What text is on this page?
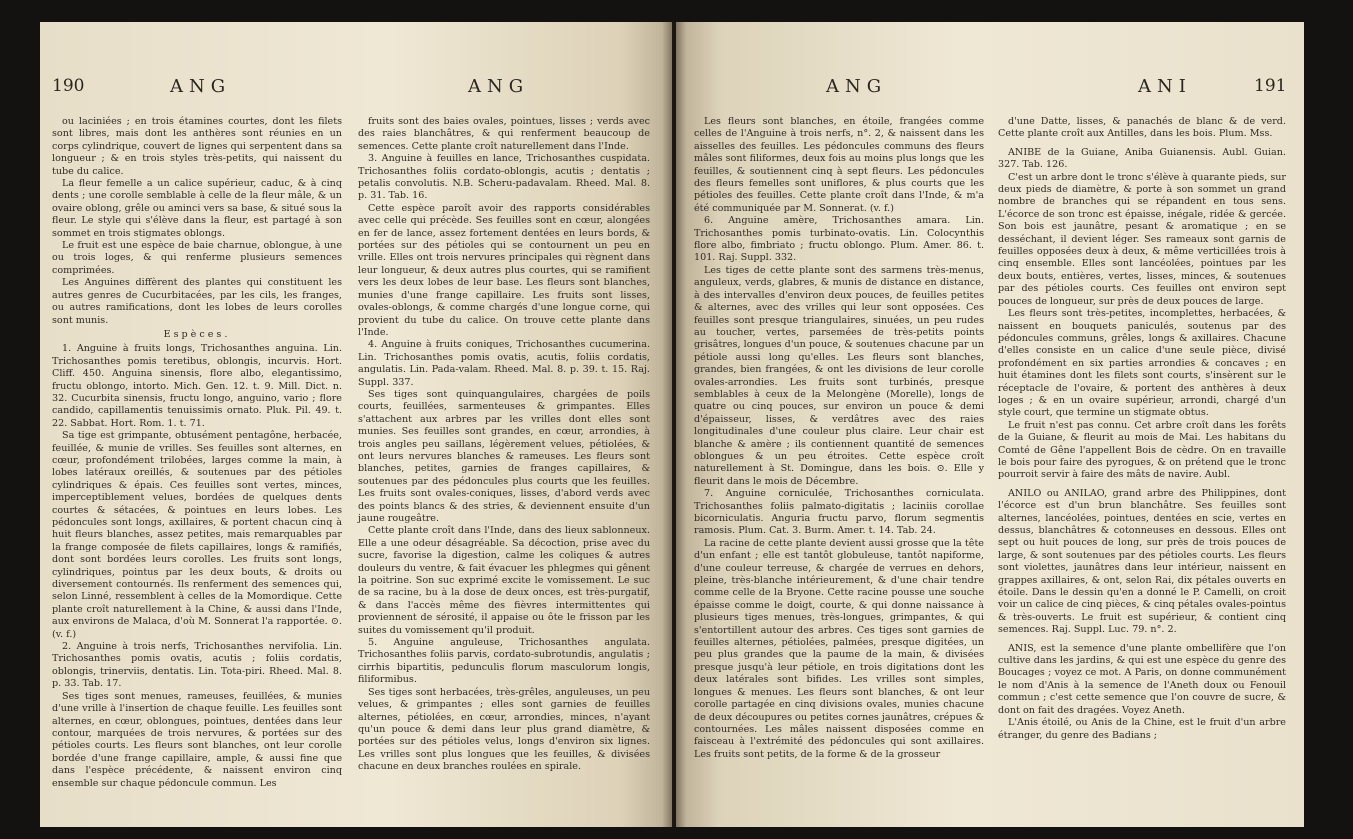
190	ANG	ANG

ou laciniées ; en trois étamines courtes, dont les filets sont libres, mais dont les anthères sont réunies en un corps cylindrique, couvert de lignes qui serpentent dans sa longueur ; & en trois styles très-petits, qui naissent du tube du calice.

La fleur femelle a un calice supérieur, caduc, & à cinq dents ; une corolle semblable à celle de la fleur mâle, & un ovaire oblong, grêle ou aminci vers sa base, & situé sous la fleur. Le style qui s'élève dans la fleur, est partagé à son sommet en trois stigmates oblongs.

Le fruit est une espèce de baie charnue, oblongue, à une ou trois loges, & qui renferme plusieurs semences comprimées.

Les Anguines diffèrent des plantes qui constituent les autres genres de Cucurbitacées, par les cils, les franges, ou autres ramifications, dont les lobes de leurs corolles sont munis.

Espèces.

1. Anguine à fruits longs, Trichosanthes anguina. Lin. Trichosanthes pomis teretibus, oblongis, incurvis. Hort. Cliff. 450. Anguina sinensis, flore albo, elegantissimo, fructu oblongo, intorto. Mich. Gen. 12. t. 9. Mill. Dict. n. 32. Cucurbita sinensis, fructu longo, anguino, vario ; flore candido, capillamentis tenuissimis ornato. Pluk. Pil. 49. t. 22. Sabbat. Hort. Rom. 1. t. 71.

Sa tige est grimpante, obtusément pentagône, herbacée, feuillée, & munie de vrilles. Ses feuilles sont alternes, en cœur, profondément trilobées, larges comme la main, à lobes latéraux oreillés, & soutenues par des pétioles cylindriques & épais. Ces feuilles sont vertes, minces, imperceptiblement velues, bordées de quelques dents courtes & sétacées, & pointues en leurs lobes. Les pédoncules sont longs, axillaires, & portent chacun cinq à huit fleurs blanches, assez petites, mais remarquables par la frange composée de filets capillaires, longs & ramifiés, dont sont bordées leurs corolles. Les fruits sont longs, cylindriques, pointus par les deux bouts, & droits ou diversement contournés. Ils renferment des semences qui, selon Linné, ressemblent à celles de la Momordique. Cette plante croît naturellement à la Chine, & aussi dans l'Inde, aux environs de Malaca, d'où M. Sonnerat l'a rapportée. ⊙. (v. f.)

2. Anguine à trois nerfs, Trichosanthes nervifolia. Lin. Trichosanthes pomis ovatis, acutis ; foliis cordatis, oblongis, trinerviis, dentatis. Lin. Tota-piri. Rheed. Mal. 8. p. 33. Tab. 17.

Ses tiges sont menues, rameuses, feuillées, & munies d'une vrille à l'insertion de chaque feuille. Les feuilles sont alternes, en cœur, oblongues, pointues, dentées dans leur contour, marquées de trois nervures, & portées sur des pétioles courts. Les fleurs sont blanches, ont leur corolle bordée d'une frange capillaire, ample, & aussi fine que dans l'espèce précédente, & naissent environ cinq ensemble sur chaque pédoncule commun. Les

fruits sont des baies ovales, pointues, lisses ; verds avec des raies blanchâtres, & qui renferment beaucoup de semences. Cette plante croît naturellement dans l'Inde.

3. Anguine à feuilles en lance, Trichosanthes cuspidata. Trichosanthes foliis cordato-oblongis, acutis ; dentatis ; petalis convolutis. N.B. Scheru-padavalam. Rheed. Mal. 8. p. 31. Tab. 16.

Cette espèce paroît avoir des rapports considérables avec celle qui précède. Ses feuilles sont en cœur, alongées en fer de lance, assez fortement dentées en leurs bords, & portées sur des pétioles qui se contournent un peu en vrille. Elles ont trois nervures principales qui règnent dans leur longueur, & deux autres plus courtes, qui se ramifient vers les deux lobes de leur base. Les fleurs sont blanches, munies d'une frange capillaire. Les fruits sont lisses, ovales-oblongs, & comme chargés d'une longue corne, qui provient du tube du calice. On trouve cette plante dans l'Inde.

4. Anguine à fruits coniques, Trichosanthes cucumerina. Lin. Trichosanthes pomis ovatis, acutis, foliis cordatis, angulatis. Lin. Pada-valam. Rheed. Mal. 8. p. 39. t. 15. Raj. Suppl. 337.

Ses tiges sont quinquangulaires, chargées de poils courts, feuillées, sarmenteuses & grimpantes. Elles s'attachent aux arbres par les vrilles dont elles sont munies. Ses feuilles sont grandes, en cœur, arrondies, à trois angles peu saillans, légèrement velues, pétiolées, & ont leurs nervures blanches & rameuses. Les fleurs sont blanches, petites, garnies de franges capillaires, & soutenues par des pédoncules plus courts que les feuilles. Les fruits sont ovales-coniques, lisses, d'abord verds avec des points blancs & des stries, & deviennent ensuite d'un jaune rougeâtre.

Cette plante croît dans l'Inde, dans des lieux sablonneux. Elle a une odeur désagréable. Sa décoction, prise avec du sucre, favorise la digestion, calme les coliques & autres douleurs du ventre, & fait évacuer les phlegmes qui gênent la poitrine. Son suc exprimé excite le vomissement. Le suc de sa racine, bu à la dose de deux onces, est très-purgatif, & dans l'accès même des fièvres intermittentes qui proviennent de sérosité, il appaise ou ôte le frisson par les suites du vomissement qu'il produit.

5. Anguine anguleuse, Trichosanthes angulata. Trichosanthes foliis parvis, cordato-subrotundis, angulatis ; cirrhis bipartitis, pedunculis florum masculorum longis, filiformibus.

Ses tiges sont herbacées, très-grêles, anguleuses, un peu velues, & grimpantes ; elles sont garnies de feuilles alternes, pétiolées, en cœur, arrondies, minces, n'ayant qu'un pouce & demi dans leur plus grand diamètre, & portées sur des pétioles velus, longs d'environ six lignes. Les vrilles sont plus longues que les feuilles, & divisées chacune en deux branches roulées en spirale.

ANG	ANI	191

Les fleurs sont blanches, en étoile, frangées comme celles de l'Anguine à trois nerfs, n°. 2, & naissent dans les aisselles des feuilles. Les pédoncules communs des fleurs mâles sont filiformes, deux fois au moins plus longs que les feuilles, & soutiennent cinq à sept fleurs. Les pédoncules des fleurs femelles sont uniflores, & plus courts que les pétioles des feuilles. Cette plante croît dans l'Inde, & m'a été communiquée par M. Sonnerat. (v. f.)

6. Anguine amère, Trichosanthes amara. Lin. Trichosanthes pomis turbinato-ovatis. Lin. Colocynthis flore albo, fimbriato ; fructu oblongo. Plum. Amer. 86. t. 101. Raj. Suppl. 332.

Les tiges de cette plante sont des sarmens très-menus, anguleux, verds, glabres, & munis de distance en distance, à des intervalles d'environ deux pouces, de feuilles petites & alternes, avec des vrilles qui leur sont opposées. Ces feuilles sont presque triangulaires, sinuées, un peu rudes au toucher, vertes, parsemées de très-petits points grisâtres, longues d'un pouce, & soutenues chacune par un pétiole aussi long qu'elles. Les fleurs sont blanches, grandes, bien frangées, & ont les divisions de leur corolle ovales-arrondies. Les fruits sont turbinés, presque semblables à ceux de la Melongène (Morelle), longs de quatre ou cinq pouces, sur environ un pouce & demi d'épaisseur, lisses, & verdâtres avec des raies longitudinales d'une couleur plus claire. Leur chair est blanche & amère ; ils contiennent quantité de semences oblongues & un peu étroites. Cette espèce croît naturellement à St. Domingue, dans les bois. ⊙. Elle y fleurit dans le mois de Décembre.

7. Anguine corniculée, Trichosanthes corniculata. Trichosanthes foliis palmato-digitatis ; laciniis corollae bicorniculatis. Anguria fructu parvo, florum segmentis ramosis. Plum. Cat. 3. Burm. Amer. t. 14. Tab. 24.

La racine de cette plante devient aussi grosse que la tête d'un enfant ; elle est tantôt globuleuse, tantôt napiforme, d'une couleur terreuse, & chargée de verrues en dehors, pleine, très-blanche intérieurement, & d'une chair tendre comme celle de la Bryone. Cette racine pousse une souche épaisse comme le doigt, courte, & qui donne naissance à plusieurs tiges menues, très-longues, grimpantes, & qui s'entortillent autour des arbres. Ces tiges sont garnies de feuilles alternes, pétiolées, palmées, presque digitées, un peu plus grandes que la paume de la main, & divisées presque jusqu'à leur pétiole, en trois digitations dont les deux latérales sont bifides. Les vrilles sont simples, longues & menues. Les fleurs sont blanches, & ont leur corolle partagée en cinq divisions ovales, munies chacune de deux découpures ou petites cornes jaunâtres, crépues & contournées. Les mâles naissent disposées comme en faisceau à l'extrémité des pédoncules qui sont axillaires. Les fruits sont petits, de la forme & de la grosseur

d'une Datte, lisses, & panachés de blanc & de verd. Cette plante croît aux Antilles, dans les bois. Plum. Mss.

ANIBE de la Guiane, Aniba Guianensis. Aubl. Guian. 327. Tab. 126.

C'est un arbre dont le tronc s'élève à quarante pieds, sur deux pieds de diamètre, & porte à son sommet un grand nombre de branches qui se répandent en tous sens. L'écorce de son tronc est épaisse, inégale, ridée & gercée. Son bois est jaunâtre, pesant & aromatique ; en se desséchant, il devient léger. Ses rameaux sont garnis de feuilles opposées deux à deux, & même verticillées trois à cinq ensemble. Elles sont lancéolées, pointues par les deux bouts, entières, vertes, lisses, minces, & soutenues par des pétioles courts. Ces feuilles ont environ sept pouces de longueur, sur près de deux pouces de large.

Les fleurs sont très-petites, incomplettes, herbacées, & naissent en bouquets paniculés, soutenus par des pédoncules communs, grêles, longs & axillaires. Chacune d'elles consiste en un calice d'une seule pièce, divisé profondément en six parties arrondies & concaves ; en huit étamines dont les filets sont courts, s'insèrent sur le réceptacle de l'ovaire, & portent des anthères à deux loges ; & en un ovaire supérieur, arrondi, chargé d'un style court, que termine un stigmate obtus.

Le fruit n'est pas connu. Cet arbre croît dans les forêts de la Guiane, & fleurit au mois de Mai. Les habitans du Comté de Gêne l'appellent Bois de cèdre. On en travaille le bois pour faire des pyrogues, & on prétend que le tronc pourroit servir à faire des mâts de navire. Aubl.

ANILO ou ANILAO, grand arbre des Philippines, dont l'écorce est d'un brun blanchâtre. Ses feuilles sont alternes, lancéolées, pointues, dentées en scie, vertes en dessus, blanchâtres & cotonneuses en dessous. Elles ont sept ou huit pouces de long, sur près de trois pouces de large, & sont soutenues par des pétioles courts. Les fleurs sont violettes, jaunâtres dans leur intérieur, naissent en grappes axillaires, & ont, selon Rai, dix pétales ouverts en étoile. Dans le dessin qu'en a donné le P. Camelli, on croit voir un calice de cinq pièces, & cinq pétales ovales-pointus & très-ouverts. Le fruit est supérieur, & contient cinq semences. Raj. Suppl. Luc. 79. n°. 2.

ANIS, est la semence d'une plante ombellifère que l'on cultive dans les jardins, & qui est une espèce du genre des Boucages ; voyez ce mot. A Paris, on donne communément le nom d'Anis à la semence de l'Aneth doux ou Fenouil commun ; c'est cette semence que l'on couvre de sucre, & dont on fait des dragées. Voyez Aneth.

L'Anis étoilé, ou Anis de la Chine, est le fruit d'un arbre étranger, du genre des Badians ;
